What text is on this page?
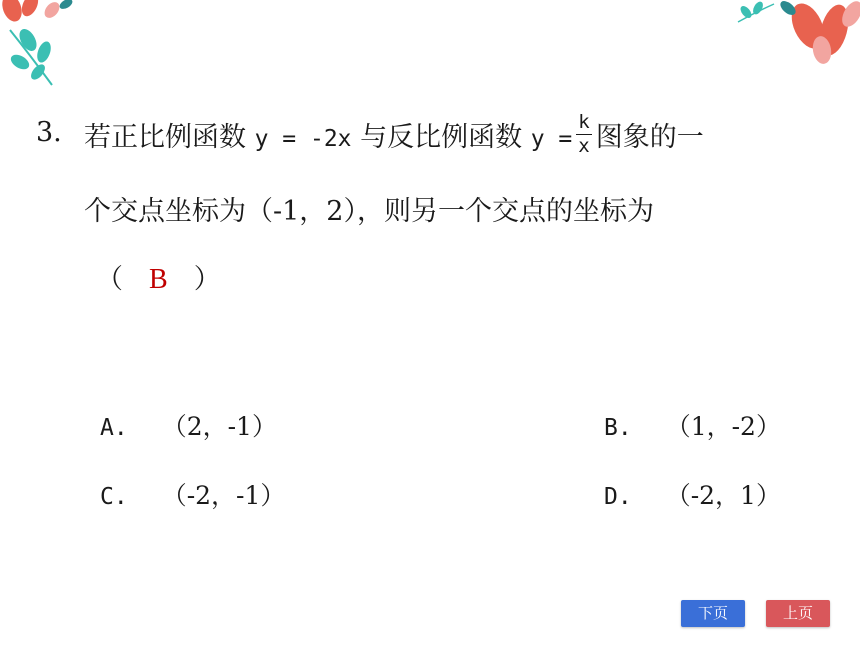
3. 若正比例函数 y = -2x 与反比例函数 $y = \frac{k}{x}$ 图象的一
个交点坐标为（-1，2），则另一个交点的坐标为
（ B ）
A. （2，-1）	B. （1，-2）
C. （-2，-1）	D. （-2，1）
下页	上页
